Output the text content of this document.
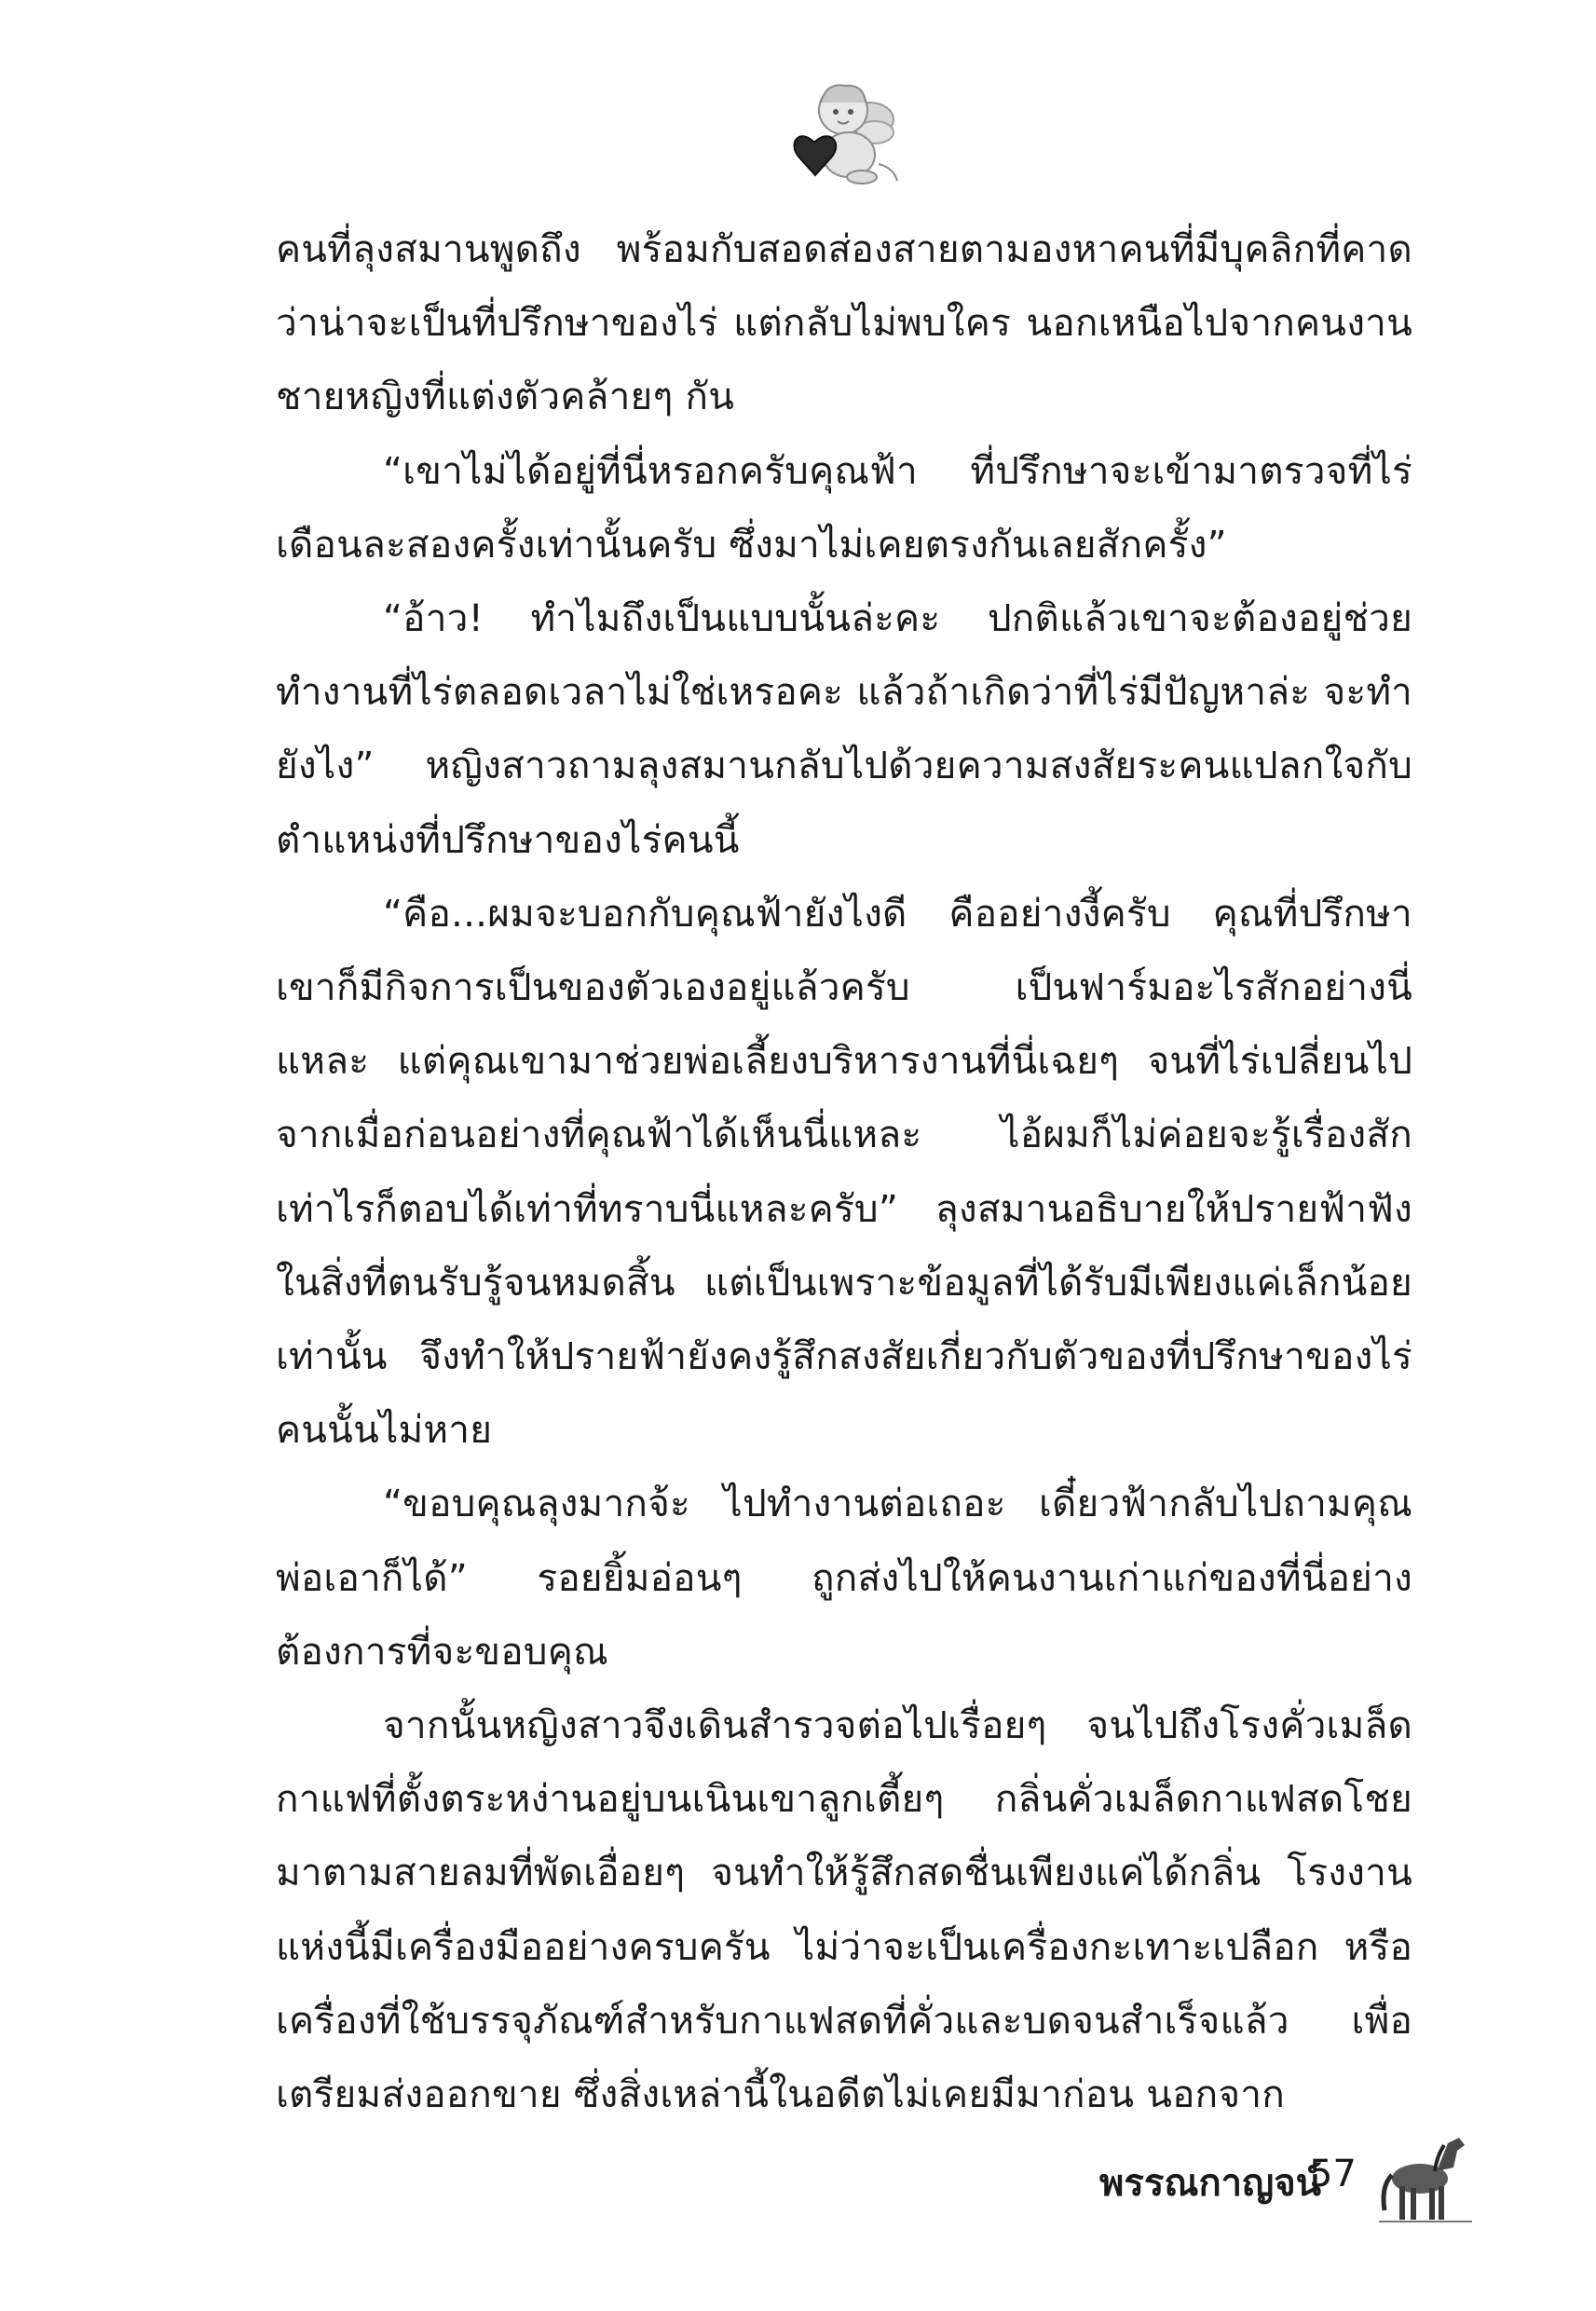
คนที่ลุงสมานพูดถึง พร้อมกับสอดส่องสายตามองหาคนที่มีบุคลิกที่คาดว่าน่าจะเป็นที่ปรึกษาของไร่ แต่กลับไม่พบใคร นอกเหนือไปจากคนงานชายหญิงที่แต่งตัวคล้ายๆ กัน

“เขาไม่ได้อยู่ที่นี่หรอกครับคุณฟ้า ที่ปรึกษาจะเข้ามาตรวจที่ไร่เดือนละสองครั้งเท่านั้นครับ ซึ่งมาไม่เคยตรงกันเลยสักครั้ง”

“อ้าว! ทำไมถึงเป็นแบบนั้นล่ะคะ ปกติแล้วเขาจะต้องอยู่ช่วยทำงานที่ไร่ตลอดเวลาไม่ใช่เหรอคะ แล้วถ้าเกิดว่าที่ไร่มีปัญหาล่ะ จะทำยังไง” หญิงสาวถามลุงสมานกลับไปด้วยความสงสัยระคนแปลกใจกับตำแหน่งที่ปรึกษาของไร่คนนี้

“คือ...ผมจะบอกกับคุณฟ้ายังไงดี คืออย่างงี้ครับ คุณที่ปรึกษาเขาก็มีกิจการเป็นของตัวเองอยู่แล้วครับ เป็นฟาร์มอะไรสักอย่างนี่แหละ แต่คุณเขามาช่วยพ่อเลี้ยงบริหารงานที่นี่เฉยๆ จนที่ไร่เปลี่ยนไปจากเมื่อก่อนอย่างที่คุณฟ้าได้เห็นนี่แหละ ไอ้ผมก็ไม่ค่อยจะรู้เรื่องสักเท่าไรก็ตอบได้เท่าที่ทราบนี่แหละครับ” ลุงสมานอธิบายให้ปรายฟ้าฟังในสิ่งที่ตนรับรู้จนหมดสิ้น แต่เป็นเพราะข้อมูลที่ได้รับมีเพียงแค่เล็กน้อยเท่านั้น จึงทำให้ปรายฟ้ายังคงรู้สึกสงสัยเกี่ยวกับตัวของที่ปรึกษาของไร่คนนั้นไม่หาย

“ขอบคุณลุงมากจ้ะ ไปทำงานต่อเถอะ เดี๋ยวฟ้ากลับไปถามคุณพ่อเอาก็ได้” รอยยิ้มอ่อนๆ ถูกส่งไปให้คนงานเก่าแก่ของที่นี่อย่างต้องการที่จะขอบคุณ

จากนั้นหญิงสาวจึงเดินสำรวจต่อไปเรื่อยๆ จนไปถึงโรงคั่วเมล็ดกาแฟที่ตั้งตระหง่านอยู่บนเนินเขาลูกเตี้ยๆ กลิ่นคั่วเมล็ดกาแฟสดโชยมาตามสายลมที่พัดเอื่อยๆ จนทำให้รู้สึกสดชื่นเพียงแค่ได้กลิ่น โรงงานแห่งนี้มีเครื่องมืออย่างครบครัน ไม่ว่าจะเป็นเครื่องกะเทาะเปลือก หรือเครื่องที่ใช้บรรจุภัณฑ์สำหรับกาแฟสดที่คั่วและบดจนสำเร็จแล้ว เพื่อเตรียมส่งออกขาย ซึ่งสิ่งเหล่านี้ในอดีตไม่เคยมีมาก่อน นอกจาก

พรรณกาญจน์
57
